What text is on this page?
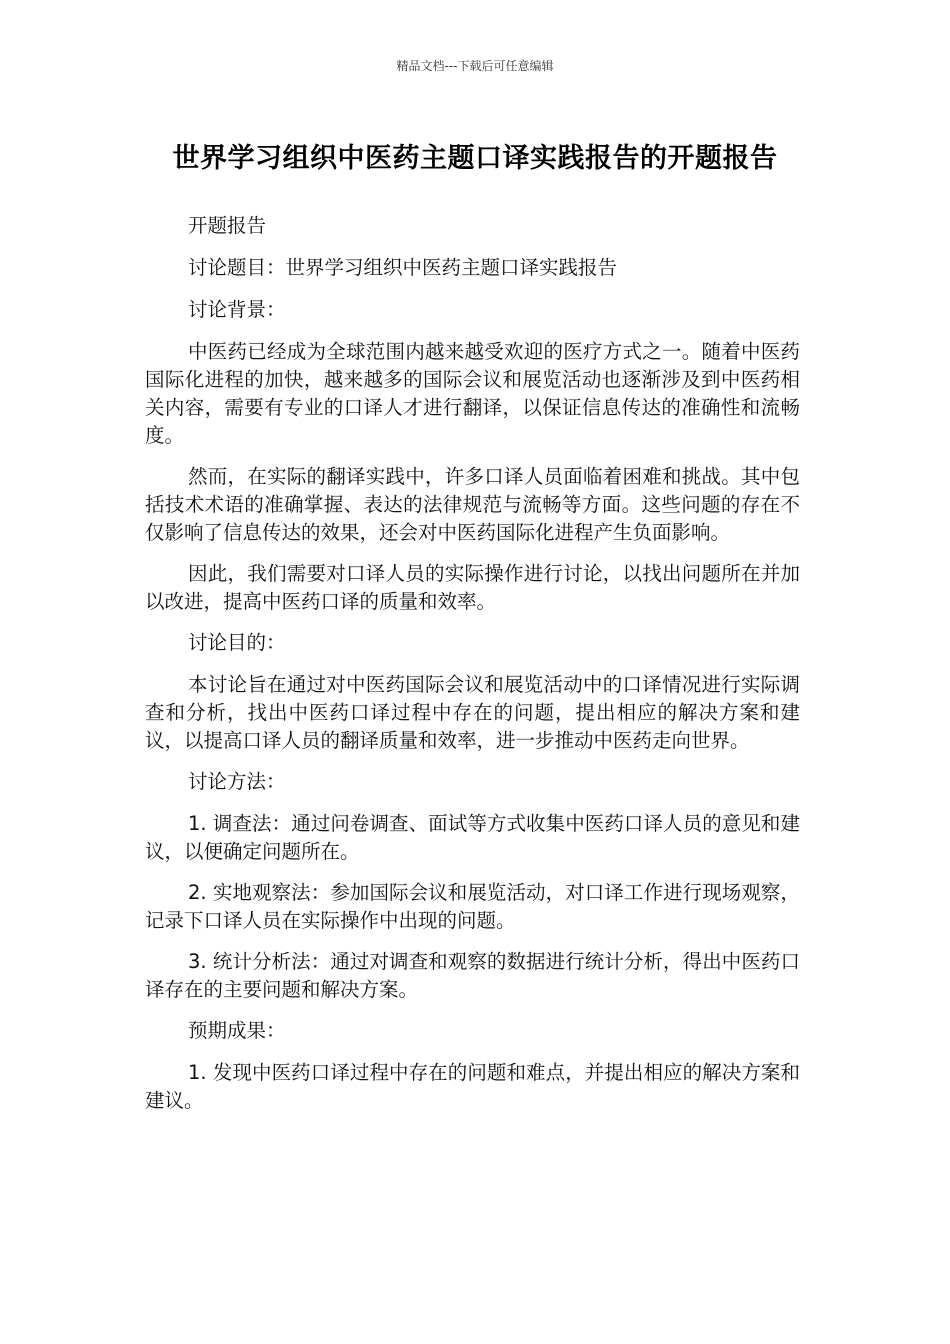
精品文档---下载后可任意编辑
世界学习组织中医药主题口译实践报告的开题报告

开题报告

讨论题目：世界学习组织中医药主题口译实践报告

讨论背景：

中医药已经成为全球范围内越来越受欢迎的医疗方式之一。随着中医药国际化进程的加快，越来越多的国际会议和展览活动也逐渐涉及到中医药相关内容，需要有专业的口译人才进行翻译，以保证信息传达的准确性和流畅度。

然而，在实际的翻译实践中，许多口译人员面临着困难和挑战。其中包括技术术语的准确掌握、表达的法律规范与流畅等方面。这些问题的存在不仅影响了信息传达的效果，还会对中医药国际化进程产生负面影响。

因此，我们需要对口译人员的实际操作进行讨论，以找出问题所在并加以改进，提高中医药口译的质量和效率。

讨论目的：

本讨论旨在通过对中医药国际会议和展览活动中的口译情况进行实际调查和分析，找出中医药口译过程中存在的问题，提出相应的解决方案和建议，以提高口译人员的翻译质量和效率，进一步推动中医药走向世界。

讨论方法：

1. 调查法：通过问卷调查、面试等方式收集中医药口译人员的意见和建议，以便确定问题所在。

2. 实地观察法：参加国际会议和展览活动，对口译工作进行现场观察，记录下口译人员在实际操作中出现的问题。

3. 统计分析法：通过对调查和观察的数据进行统计分析，得出中医药口译存在的主要问题和解决方案。

预期成果：

1. 发现中医药口译过程中存在的问题和难点，并提出相应的解决方案和建议。
